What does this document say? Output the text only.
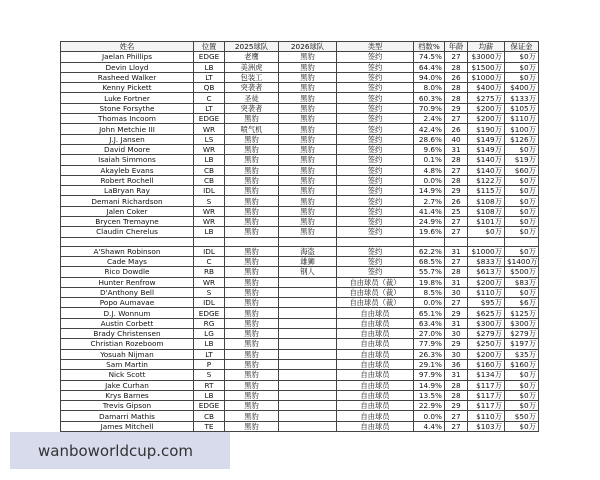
姓名	位置	2025球队	2026球队	类型	档数%	年龄	均薪	保证金
Jaelan Phillips	EDGE	老鹰	黑豹	签约	74.5%	27	$3000万	$0万
Devin Lloyd	LB	美洲虎	黑豹	签约	64.4%	28	$1500万	$0万
Rasheed Walker	LT	包装工	黑豹	签约	94.0%	26	$1000万	$0万
Kenny Pickett	QB	突袭者	黑豹	签约	8.0%	28	$400万	$400万
Luke Fortner	C	圣徒	黑豹	签约	60.3%	28	$275万	$133万
Stone Forsythe	LT	突袭者	黑豹	签约	70.9%	29	$200万	$105万
Thomas Incoom	EDGE	黑豹	黑豹	签约	2.4%	27	$200万	$110万
John Metchie III	WR	喷气机	黑豹	签约	42.4%	26	$190万	$100万
J.J. Jansen	LS	黑豹	黑豹	签约	28.6%	40	$149万	$126万
David Moore	WR	黑豹	黑豹	签约	9.6%	31	$149万	$0万
Isaiah Simmons	LB	黑豹	黑豹	签约	0.1%	28	$140万	$19万
Akayleb Evans	CB	黑豹	黑豹	签约	4.8%	27	$140万	$60万
Robert Rochell	CB	黑豹	黑豹	签约	0.0%	28	$122万	$0万
LaBryan Ray	IDL	黑豹	黑豹	签约	14.9%	29	$115万	$0万
Demani Richardson	S	黑豹	黑豹	签约	2.7%	26	$108万	$0万
Jalen Coker	WR	黑豹	黑豹	签约	41.4%	25	$108万	$0万
Brycen Tremayne	WR	黑豹	黑豹	签约	24.9%	27	$101万	$0万
Claudin Cherelus	LB	黑豹	黑豹	签约	19.6%	27	$0万	$0万

A'Shawn Robinson	IDL	黑豹	海盗	签约	62.2%	31	$1000万	$0万
Cade Mays	C	黑豹	雄狮	签约	68.5%	27	$833万	$1400万
Rico Dowdle	RB	黑豹	钢人	签约	55.7%	28	$613万	$500万
Hunter Renfrow	WR	黑豹		自由球员（裁）	19.8%	31	$200万	$83万
D'Anthony Bell	S	黑豹		自由球员（裁）	8.5%	30	$110万	$0万
Popo Aumavae	IDL	黑豹		自由球员（裁）	0.0%	27	$95万	$6万
D.J. Wonnum	EDGE	黑豹		自由球员	65.1%	29	$625万	$125万
Austin Corbett	RG	黑豹		自由球员	63.4%	31	$300万	$300万
Brady Christensen	LG	黑豹		自由球员	27.0%	30	$279万	$279万
Christian Rozeboom	LB	黑豹		自由球员	77.9%	29	$250万	$197万
Yosuah Nijman	LT	黑豹		自由球员	26.3%	30	$200万	$35万
Sam Martin	P	黑豹		自由球员	29.1%	36	$160万	$160万
Nick Scott	S	黑豹		自由球员	97.9%	31	$134万	$0万
Jake Curhan	RT	黑豹		自由球员	14.9%	28	$117万	$0万
Krys Barnes	LB	黑豹		自由球员	13.5%	28	$117万	$0万
Trevis Gipson	EDGE	黑豹		自由球员	22.9%	29	$117万	$0万
Damarri Mathis	CB	黑豹		自由球员	0.0%	27	$110万	$50万
James Mitchell	TE	黑豹		自由球员	4.4%	27	$103万	$0万
wanboworldcup.com
